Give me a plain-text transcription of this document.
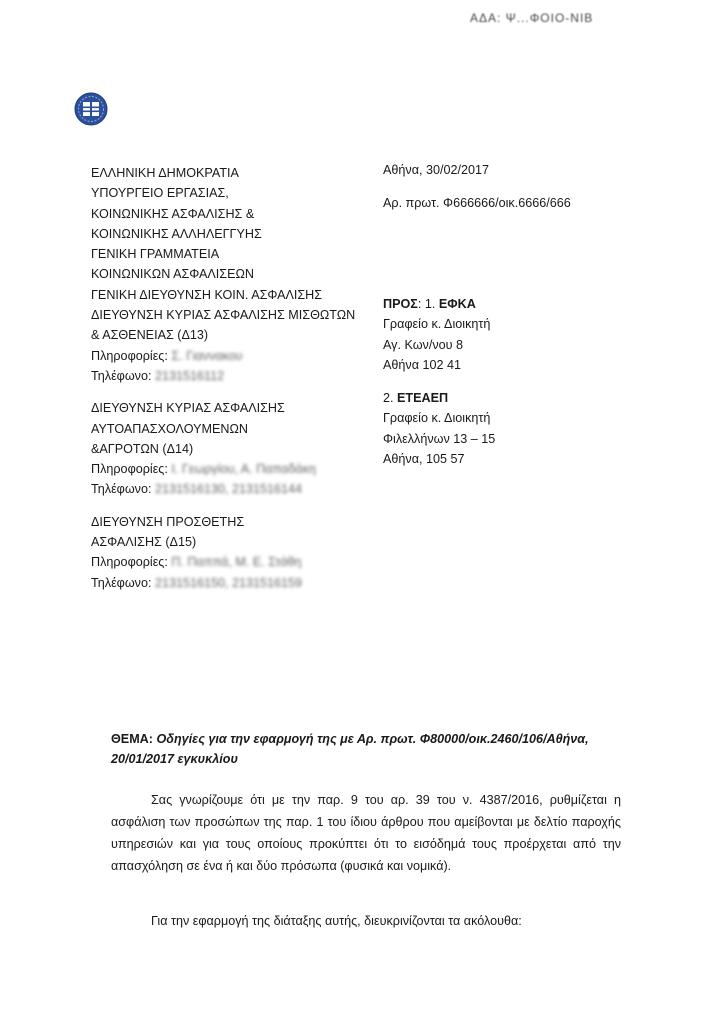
ΑΔΑ: Ψ...ΦΟΙΟ-ΝΙΒ
ΕΛΛΗΝΙΚΗ ΔΗΜΟΚΡΑΤΙΑ
ΥΠΟΥΡΓΕΙΟ ΕΡΓΑΣΙΑΣ,
ΚΟΙΝΩΝΙΚΗΣ ΑΣΦΑΛΙΣΗΣ &
ΚΟΙΝΩΝΙΚΗΣ ΑΛΛΗΛΕΓΓΥΗΣ
ΓΕΝΙΚΗ ΓΡΑΜΜΑΤΕΙΑ
ΚΟΙΝΩΝΙΚΩΝ ΑΣΦΑΛΙΣΕΩΝ
ΓΕΝΙΚΗ ΔΙΕΥΘΥΝΣΗ ΚΟΙΝ. ΑΣΦΑΛΙΣΗΣ
ΔΙΕΥΘΥΝΣΗ ΚΥΡΙΑΣ ΑΣΦΑΛΙΣΗΣ ΜΙΣΘΩΤΩΝ
& ΑΣΘΕΝΕΙΑΣ (Δ13)
Πληροφορίες: Σ. Γιαννακου
Τηλέφωνο: 2131516112
ΔΙΕΥΘΥΝΣΗ ΚΥΡΙΑΣ ΑΣΦΑΛΙΣΗΣ
ΑΥΤΟΑΠΑΣΧΟΛΟΥΜΕΝΩΝ
&ΑΓΡΟΤΩΝ (Δ14)
Πληροφορίες: Ι. Γεωργίου, Α. Παπαδάκη
Τηλέφωνο: 2131516130, 2131516144
ΔΙΕΥΘΥΝΣΗ ΠΡΟΣΘΕΤΗΣ
ΑΣΦΑΛΙΣΗΣ (Δ15)
Πληροφορίες: Π. Παππά, Μ. Ε. Στάθη
Τηλέφωνο: 2131516150, 2131516159
Αθήνα, 30/02/2017
Αρ. πρωτ. Φ666666/οικ.6666/666
ΠΡΟΣ: 1. ΕΦΚΑ
Γραφείο κ. Διοικητή
Αγ. Κων/νου 8
Αθήνα 102 41
2. ΕΤΕΑΕΠ
Γραφείο κ. Διοικητή
Φιλελλήνων 13 – 15
Αθήνα, 105 57
ΘΕΜΑ: Οδηγίες για την εφαρμογή της με Αρ. πρωτ. Φ80000/οικ.2460/106/Αθήνα, 20/01/2017 εγκυκλίου
Σας γνωρίζουμε ότι με την παρ. 9 του αρ. 39 του ν. 4387/2016, ρυθμίζεται η ασφάλιση των προσώπων της παρ. 1 του ίδιου άρθρου που αμείβονται με δελτίο παροχής υπηρεσιών και για τους οποίους προκύπτει ότι το εισόδημά τους προέρχεται από την απασχόληση σε ένα ή και δύο πρόσωπα (φυσικά και νομικά).
Για την εφαρμογή της διάταξης αυτής, διευκρινίζονται τα ακόλουθα:
